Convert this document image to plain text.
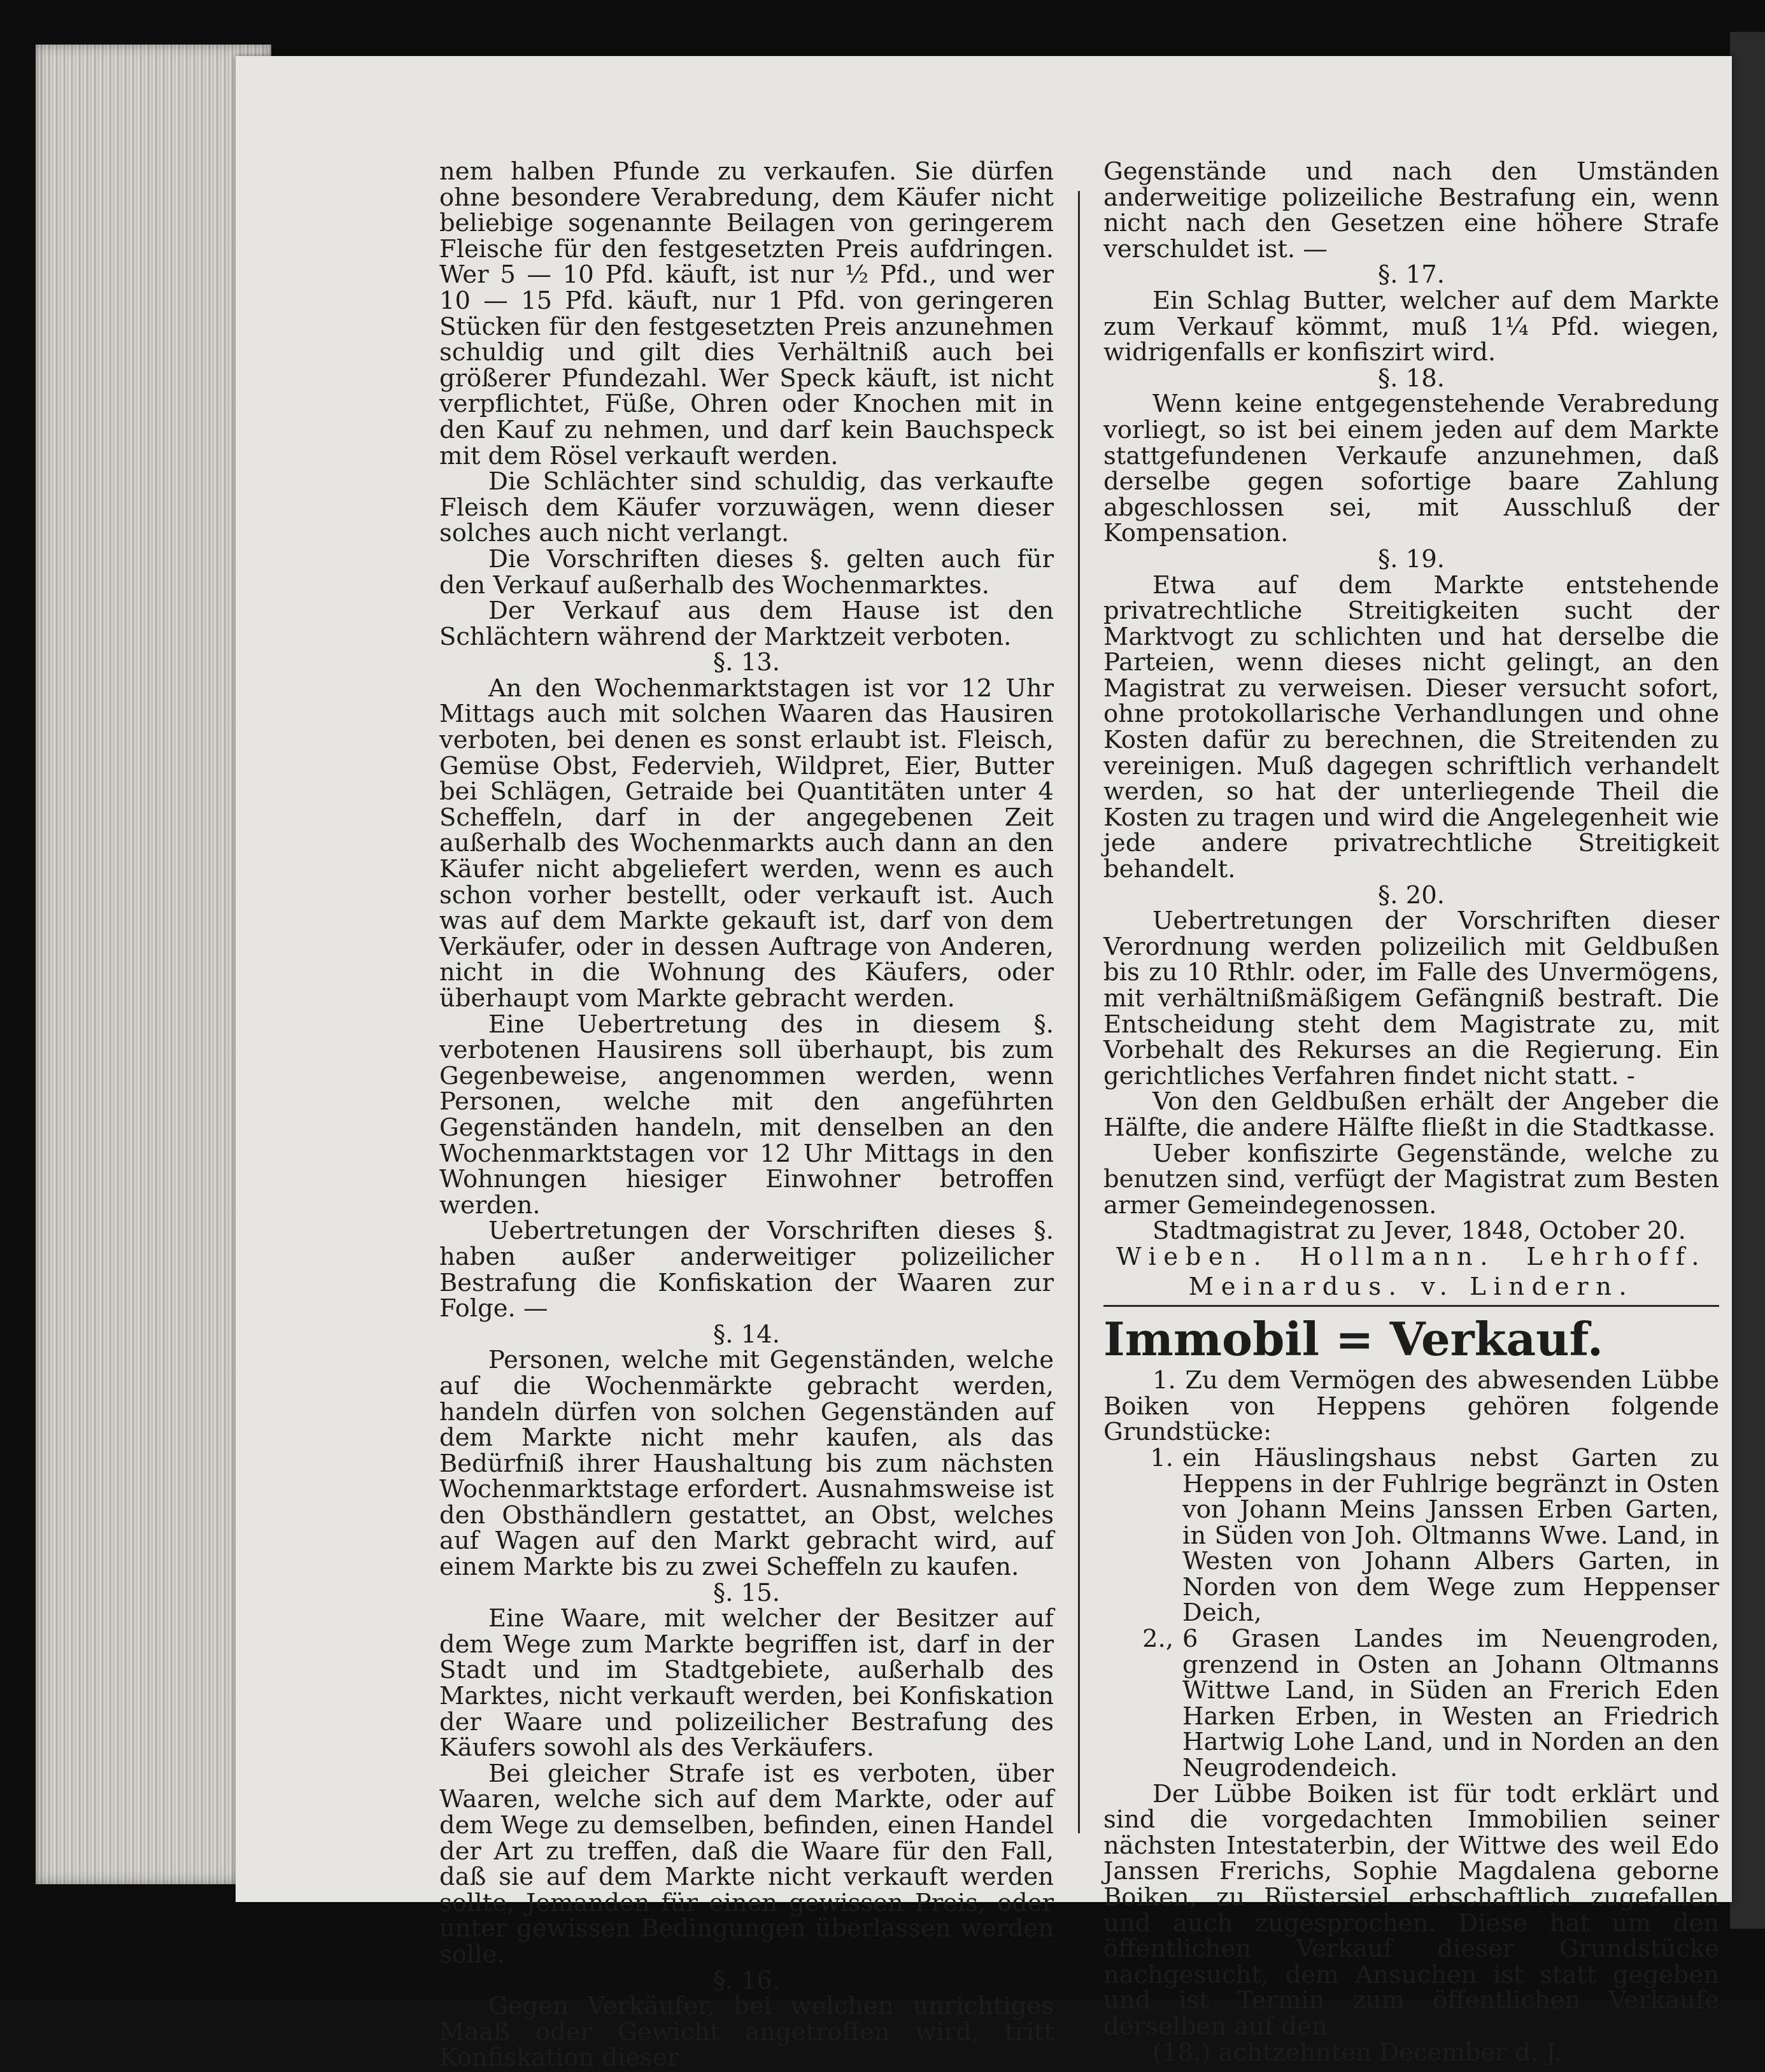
nem halben Pfunde zu verkaufen. Sie dürfen ohne besondere Verabredung, dem Käufer nicht beliebige sogenannte Beilagen von geringerem Fleische für den festgesetzten Preis aufdringen. Wer 5 — 10 Pfd. käuft, ist nur ½ Pfd., und wer 10 — 15 Pfd. käuft, nur 1 Pfd. von geringeren Stücken für den festgesetzten Preis anzunehmen schuldig und gilt dies Verhältniß auch bei größerer Pfundezahl. Wer Speck käuft, ist nicht verpflichtet, Füße, Ohren oder Knochen mit in den Kauf zu nehmen, und darf kein Bauchspeck mit dem Rösel verkauft werden.

Die Schlächter sind schuldig, das verkaufte Fleisch dem Käufer vorzuwägen, wenn dieser solches auch nicht verlangt.

Die Vorschriften dieses §. gelten auch für den Verkauf außerhalb des Wochenmarktes.

Der Verkauf aus dem Hause ist den Schlächtern während der Marktzeit verboten.

§. 13.

An den Wochenmarktstagen ist vor 12 Uhr Mittags auch mit solchen Waaren das Hausiren verboten, bei denen es sonst erlaubt ist. Fleisch, Gemüse Obst, Federvieh, Wildpret, Eier, Butter bei Schlägen, Getraide bei Quantitäten unter 4 Scheffeln, darf in der angegebenen Zeit außerhalb des Wochenmarkts auch dann an den Käufer nicht abgeliefert werden, wenn es auch schon vorher bestellt, oder verkauft ist. Auch was auf dem Markte gekauft ist, darf von dem Verkäufer, oder in dessen Auftrage von Anderen, nicht in die Wohnung des Käufers, oder überhaupt vom Markte gebracht werden.

Eine Uebertretung des in diesem §. verbotenen Hausirens soll überhaupt, bis zum Gegenbeweise, angenommen werden, wenn Personen, welche mit den angeführten Gegenständen handeln, mit denselben an den Wochenmarktstagen vor 12 Uhr Mittags in den Wohnungen hiesiger Einwohner betroffen werden.

Uebertretungen der Vorschriften dieses §. haben außer anderweitiger polizeilicher Bestrafung die Konfiskation der Waaren zur Folge. —

§. 14.

Personen, welche mit Gegenständen, welche auf die Wochenmärkte gebracht werden, handeln dürfen von solchen Gegenständen auf dem Markte nicht mehr kaufen, als das Bedürfniß ihrer Haushaltung bis zum nächsten Wochenmarktstage erfordert. Ausnahmsweise ist den Obsthändlern gestattet, an Obst, welches auf Wagen auf den Markt gebracht wird, auf einem Markte bis zu zwei Scheffeln zu kaufen.

§. 15.

Eine Waare, mit welcher der Besitzer auf dem Wege zum Markte begriffen ist, darf in der Stadt und im Stadtgebiete, außerhalb des Marktes, nicht verkauft werden, bei Konfiskation der Waare und polizeilicher Bestrafung des Käufers sowohl als des Verkäufers.

Bei gleicher Strafe ist es verboten, über Waaren, welche sich auf dem Markte, oder auf dem Wege zu demselben, befinden, einen Handel der Art zu treffen, daß die Waare für den Fall, daß sie auf dem Markte nicht verkauft werden sollte, Jemanden für einen gewissen Preis, oder unter gewissen Bedingungen überlassen werden solle.

§. 16.

Gegen Verkäufer, bei welchen unrichtiges Maaß oder Gewicht angetroffen wird, tritt Konfiskation dieser

Gegenstände und nach den Umständen anderweitige polizeiliche Bestrafung ein, wenn nicht nach den Gesetzen eine höhere Strafe verschuldet ist. —

§. 17.

Ein Schlag Butter, welcher auf dem Markte zum Verkauf kömmt, muß 1¼ Pfd. wiegen, widrigenfalls er konfiszirt wird.

§. 18.

Wenn keine entgegenstehende Verabredung vorliegt, so ist bei einem jeden auf dem Markte stattgefundenen Verkaufe anzunehmen, daß derselbe gegen sofortige baare Zahlung abgeschlossen sei, mit Ausschluß der Kompensation.

§. 19.

Etwa auf dem Markte entstehende privatrechtliche Streitigkeiten sucht der Marktvogt zu schlichten und hat derselbe die Parteien, wenn dieses nicht gelingt, an den Magistrat zu verweisen. Dieser versucht sofort, ohne protokollarische Verhandlungen und ohne Kosten dafür zu berechnen, die Streitenden zu vereinigen. Muß dagegen schriftlich verhandelt werden, so hat der unterliegende Theil die Kosten zu tragen und wird die Angelegenheit wie jede andere privatrechtliche Streitigkeit behandelt.

§. 20.

Uebertretungen der Vorschriften dieser Verordnung werden polizeilich mit Geldbußen bis zu 10 Rthlr. oder, im Falle des Unvermögens, mit verhältnißmäßigem Gefängniß bestraft. Die Entscheidung steht dem Magistrate zu, mit Vorbehalt des Rekurses an die Regierung. Ein gerichtliches Verfahren findet nicht statt. -

Von den Geldbußen erhält der Angeber die Hälfte, die andere Hälfte fließt in die Stadtkasse.

Ueber konfiszirte Gegenstände, welche zu benutzen sind, verfügt der Magistrat zum Besten armer Gemeindegenossen.

Stadtmagistrat zu Jever, 1848, October 20.

Wieben. Hollmann. Lehrhoff.
Meinardus. v. Lindern.

Immobil = Verkauf.

1. Zu dem Vermögen des abwesenden Lübbe Boiken von Heppens gehören folgende Grundstücke:

1. ein Häuslingshaus nebst Garten zu Heppens in der Fuhlrige begränzt in Osten von Johann Meins Janssen Erben Garten, in Süden von Joh. Oltmanns Wwe. Land, in Westen von Johann Albers Garten, in Norden von dem Wege zum Heppenser Deich,
2., 6 Grasen Landes im Neuengroden, grenzend in Osten an Johann Oltmanns Wittwe Land, in Süden an Frerich Eden Harken Erben, in Westen an Friedrich Hartwig Lohe Land, und in Norden an den Neugrodendeich.

Der Lübbe Boiken ist für todt erklärt und sind die vorgedachten Immobilien seiner nächsten Intestaterbin, der Wittwe des weil Edo Janssen Frerichs, Sophie Magdalena geborne Boiken, zu Rüstersiel erbschaftlich zugefallen und auch zugesprochen. Diese hat um den öffentlichen Verkauf dieser Grundstücke nachgesucht, dem Ansuchen ist statt gegeben und ist Termin zum öffentlichen Verkaufe derselben auf den

(18.) achtzehnten December d. J.
